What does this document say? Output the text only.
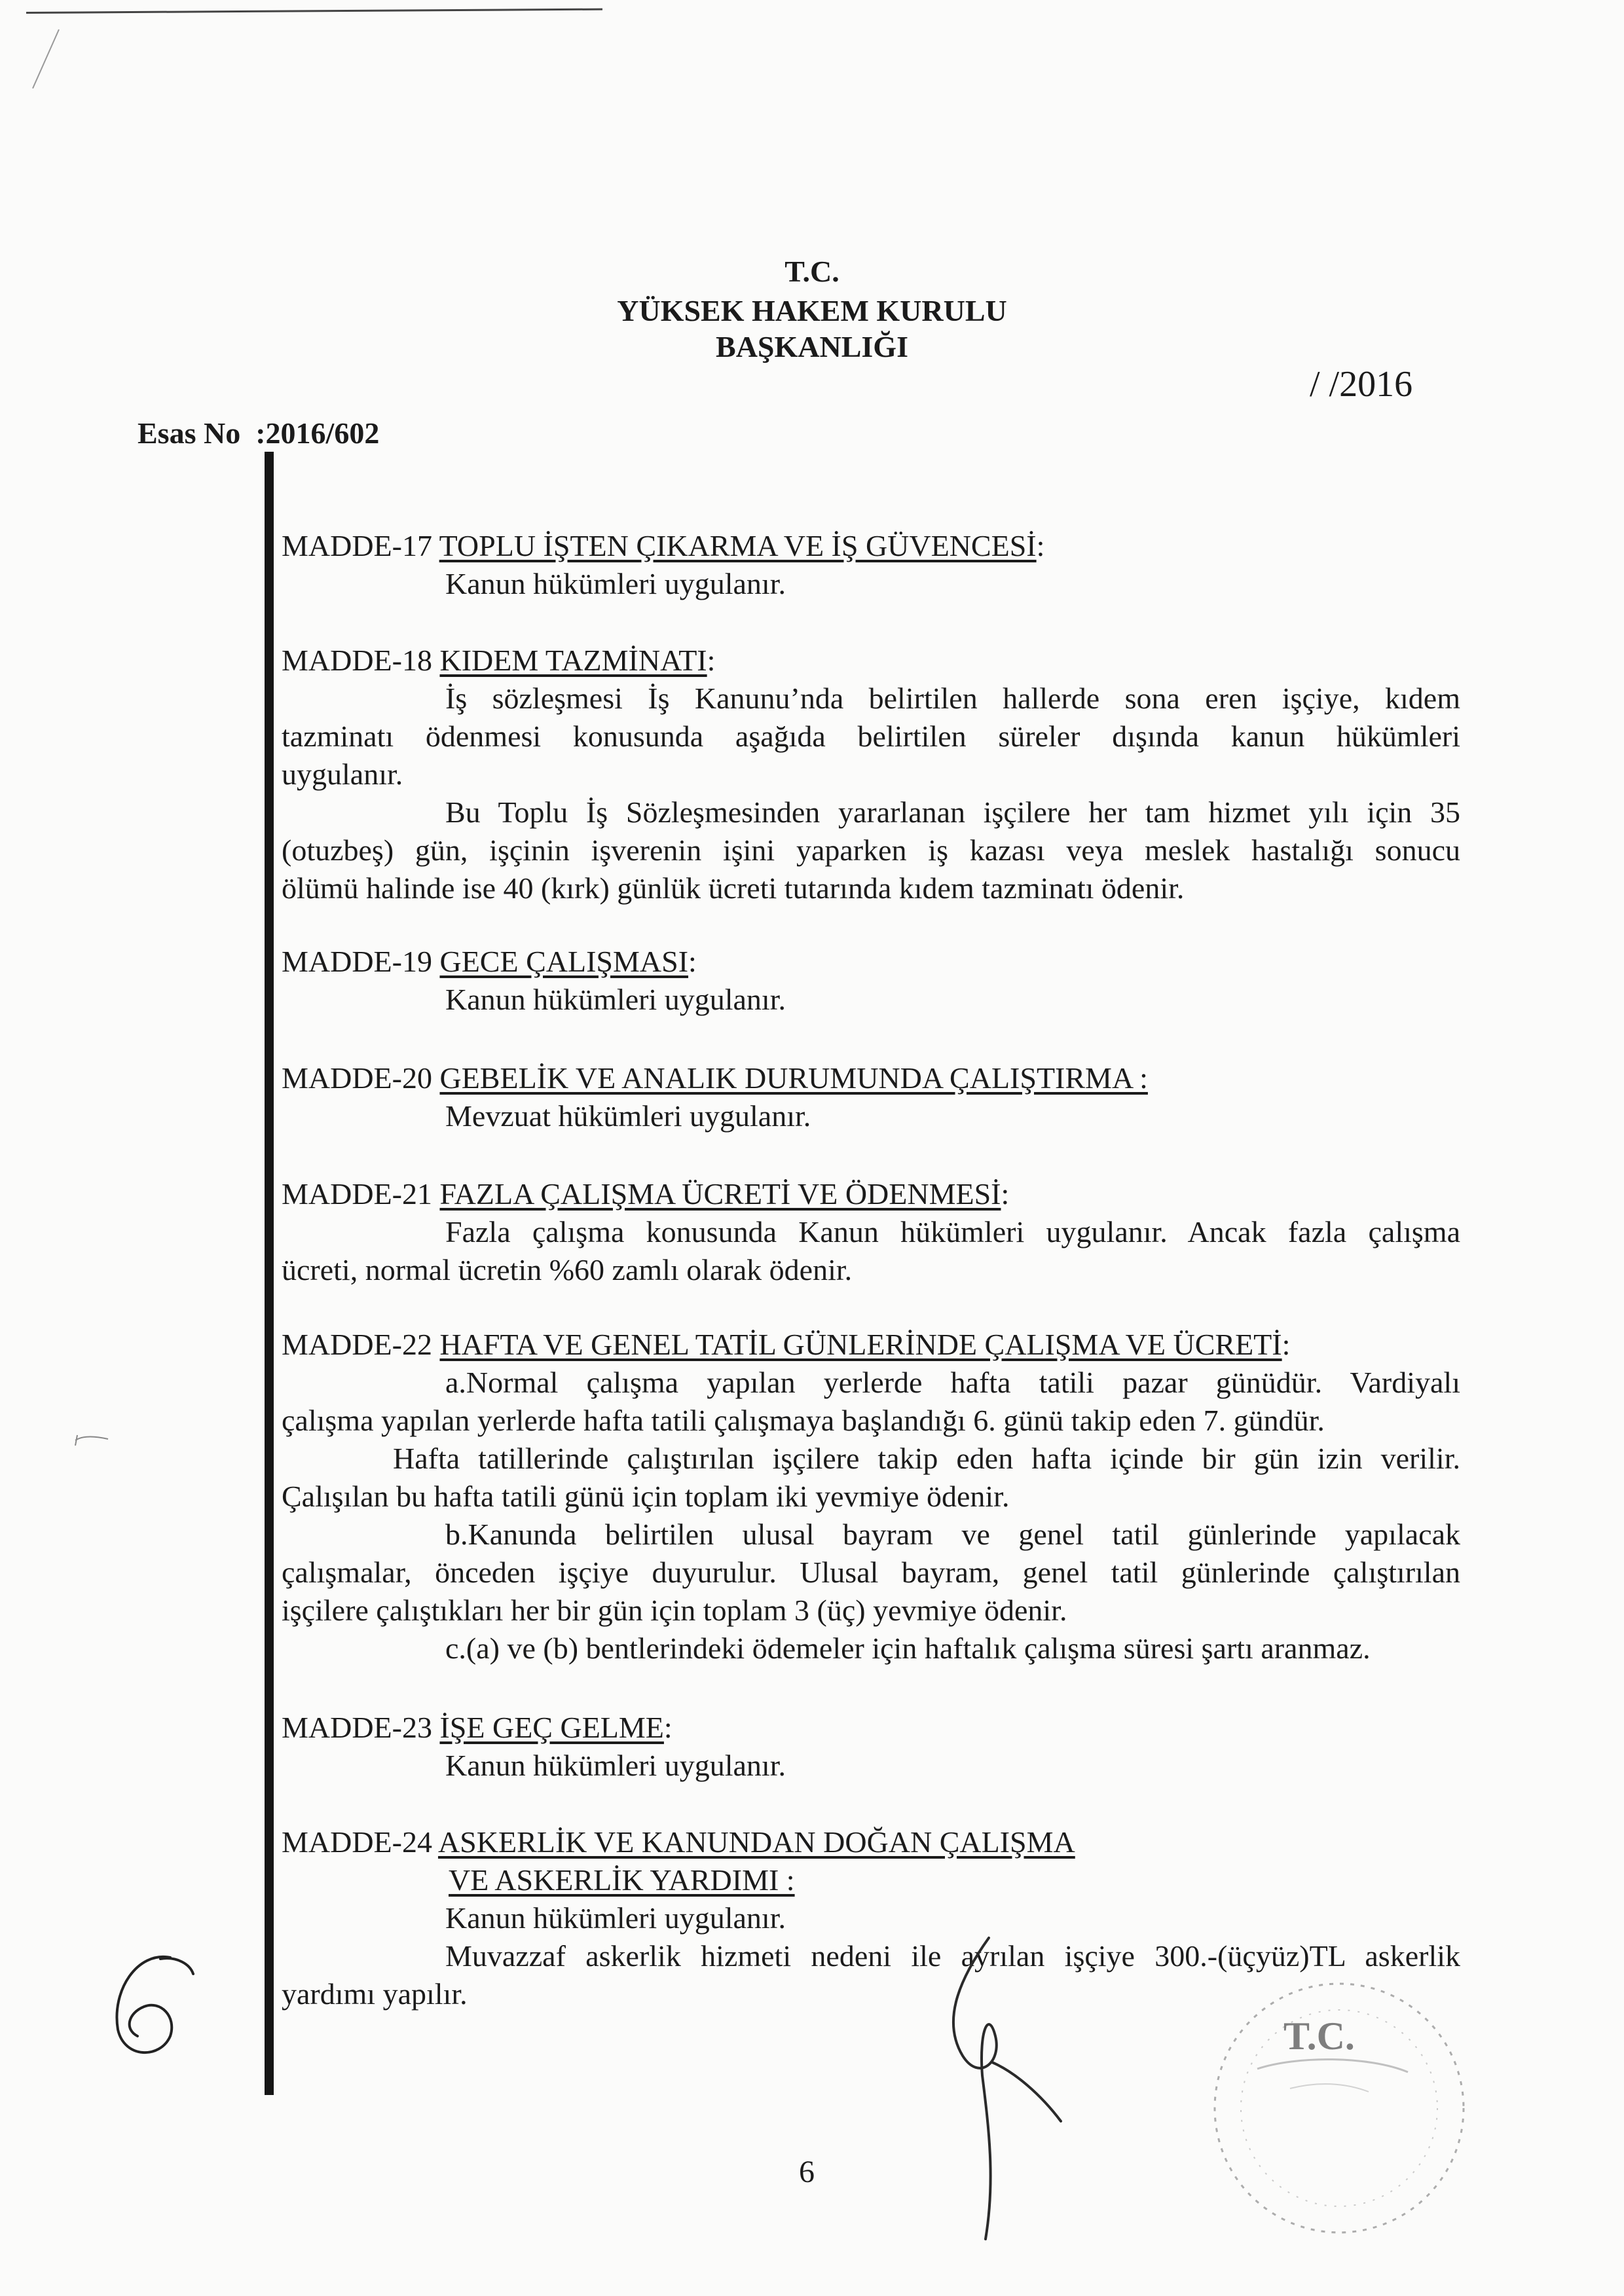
T.C.
YÜKSEK HAKEM KURULU
BAŞKANLIĞI
/ /2016
Esas No :2016/602
MADDE-17 TOPLU İŞTEN ÇIKARMA VE İŞ GÜVENCESİ:
Kanun hükümleri uygulanır.
MADDE-18 KIDEM TAZMİNATI:
İş sözleşmesi İş Kanunu’nda belirtilen hallerde sona eren işçiye, kıdem
tazminatı ödenmesi konusunda aşağıda belirtilen süreler dışında kanun hükümleri
uygulanır.
Bu Toplu İş Sözleşmesinden yararlanan işçilere her tam hizmet yılı için 35
(otuzbeş) gün, işçinin işverenin işini yaparken iş kazası veya meslek hastalığı sonucu
ölümü halinde ise 40 (kırk) günlük ücreti tutarında kıdem tazminatı ödenir.
MADDE-19 GECE ÇALIŞMASI:
Kanun hükümleri uygulanır.
MADDE-20 GEBELİK VE ANALIK DURUMUNDA ÇALIŞTIRMA :
Mevzuat hükümleri uygulanır.
MADDE-21 FAZLA ÇALIŞMA ÜCRETİ VE ÖDENMESİ:
Fazla çalışma konusunda Kanun hükümleri uygulanır. Ancak fazla çalışma
ücreti, normal ücretin %60 zamlı olarak ödenir.
MADDE-22 HAFTA VE GENEL TATİL GÜNLERİNDE ÇALIŞMA VE ÜCRETİ:
a.Normal çalışma yapılan yerlerde hafta tatili pazar günüdür. Vardiyalı
çalışma yapılan yerlerde hafta tatili çalışmaya başlandığı 6. günü takip eden 7. gündür.
Hafta tatillerinde çalıştırılan işçilere takip eden hafta içinde bir gün izin verilir.
Çalışılan bu hafta tatili günü için toplam iki yevmiye ödenir.
b.Kanunda belirtilen ulusal bayram ve genel tatil günlerinde yapılacak
çalışmalar, önceden işçiye duyurulur. Ulusal bayram, genel tatil günlerinde çalıştırılan
işçilere çalıştıkları her bir gün için toplam 3 (üç) yevmiye ödenir.
c.(a) ve (b) bentlerindeki ödemeler için haftalık çalışma süresi şartı aranmaz.
MADDE-23 İŞE GEÇ GELME:
Kanun hükümleri uygulanır.
MADDE-24 ASKERLİK VE KANUNDAN DOĞAN ÇALIŞMA
VE ASKERLİK YARDIMI :
Kanun hükümleri uygulanır.
Muvazzaf askerlik hizmeti nedeni ile ayrılan işçiye 300.-(üçyüz)TL askerlik
yardımı yapılır.
6
T.C.
